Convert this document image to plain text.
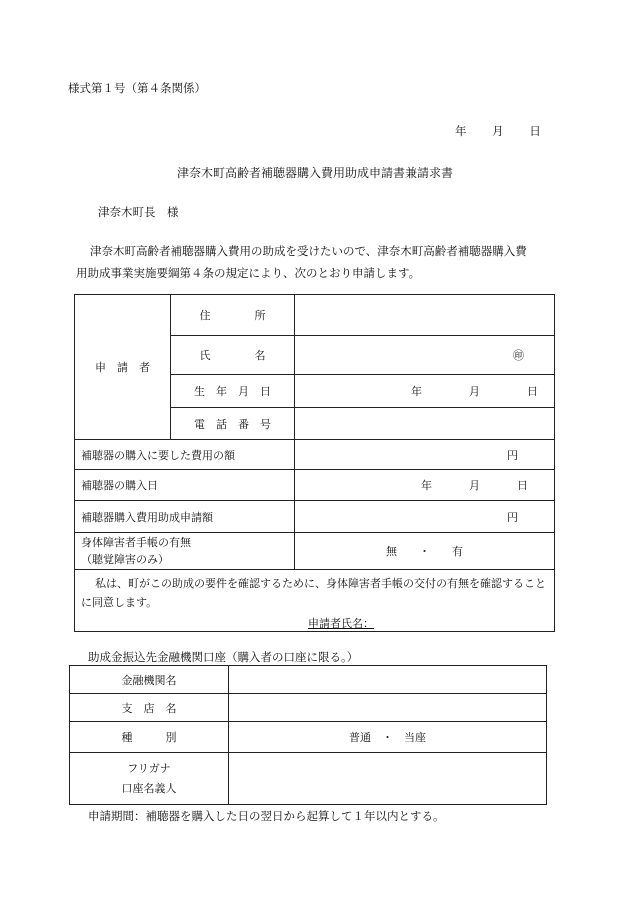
様式第１号（第４条関係）
年 月 日
津奈木町高齢者補聴器購入費用助成申請書兼請求書
津奈木町長　様

津奈木町高齢者補聴器購入費用の助成を受けたいので、津奈木町高齢者補聴器購入費

用助成事業実施要綱第４条の規定により、次のとおり申請します。

申　請　者	住　　　　所	
	氏　　　　名	㊞
	生　年　月　日	年 月 日

	電　話　番　号	
補聴器の購入に要した費用の額		円
補聴器の購入日		年 月 日

補聴器購入費用助成申請額		円

身体障害者手帳の有無
（聴覚障害のみ）		無　　・　　有

私は、町がこの助成の要件を確認するために、身体障害者手帳の交付の有無を確認することに同意します。
申請者氏名：		
助成金振込先金融機関口座（購入者の口座に限る。）
金融機関名	
支　店　名	
種　　　別	普通　・　当座

フリガナ
口座名義人	

申請期間：補聴器を購入した日の翌日から起算して１年以内とする。
